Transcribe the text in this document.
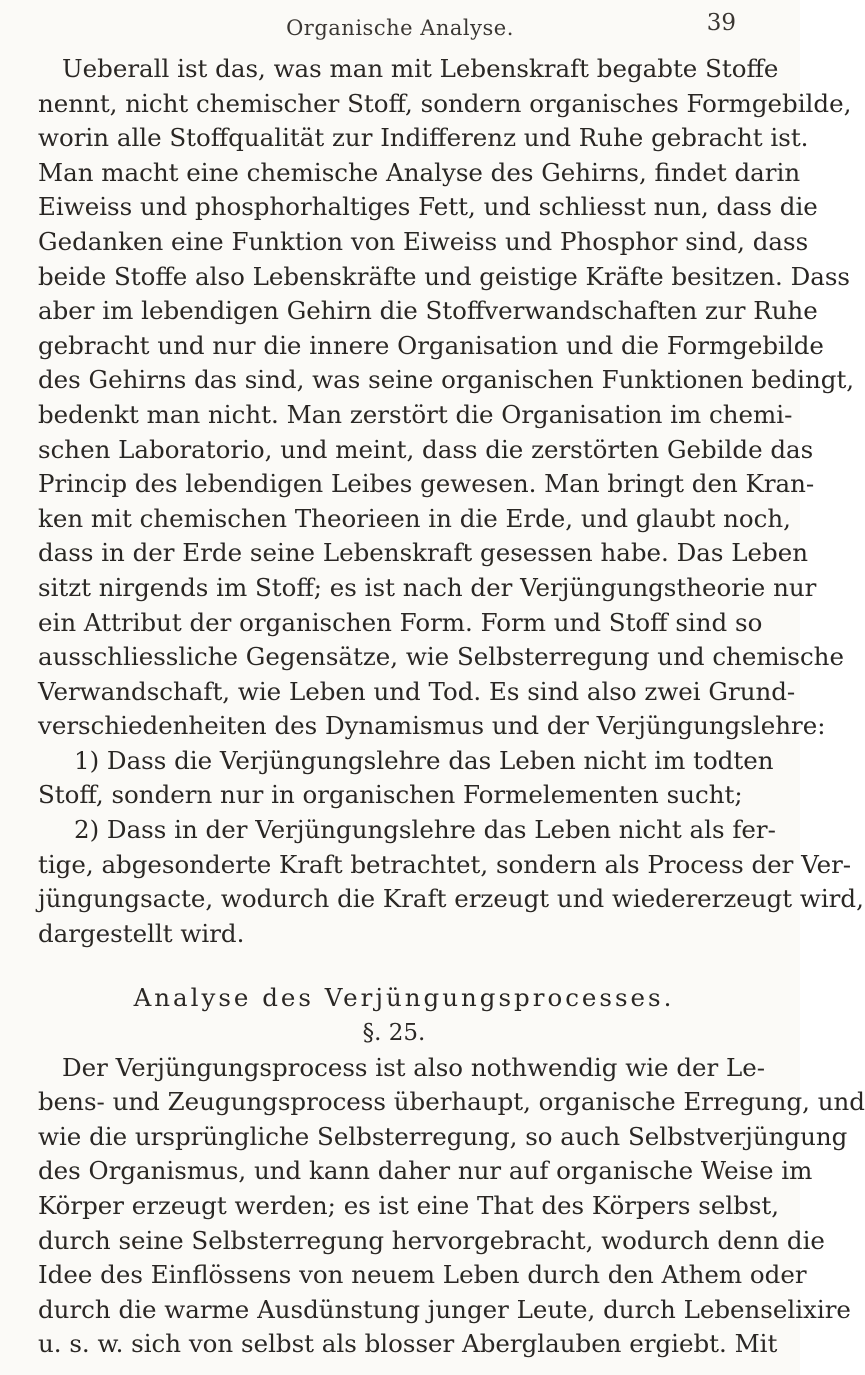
Organische Analyse.	39
Ueberall ist das, was man mit Lebenskraft begabte Stoffe
nennt, nicht chemischer Stoff, sondern organisches Formgebilde,
worin alle Stoffqualität zur Indifferenz und Ruhe gebracht ist.
Man macht eine chemische Analyse des Gehirns, findet darin
Eiweiss und phosphorhaltiges Fett, und schliesst nun, dass die
Gedanken eine Funktion von Eiweiss und Phosphor sind, dass
beide Stoffe also Lebenskräfte und geistige Kräfte besitzen. Dass
aber im lebendigen Gehirn die Stoffverwandschaften zur Ruhe
gebracht und nur die innere Organisation und die Formgebilde
des Gehirns das sind, was seine organischen Funktionen bedingt,
bedenkt man nicht. Man zerstört die Organisation im chemi-
schen Laboratorio, und meint, dass die zerstörten Gebilde das
Princip des lebendigen Leibes gewesen. Man bringt den Kran-
ken mit chemischen Theorieen in die Erde, und glaubt noch,
dass in der Erde seine Lebenskraft gesessen habe. Das Leben
sitzt nirgends im Stoff; es ist nach der Verjüngungstheorie nur
ein Attribut der organischen Form. Form und Stoff sind so
ausschliessliche Gegensätze, wie Selbsterregung und chemische
Verwandschaft, wie Leben und Tod. Es sind also zwei Grund-
verschiedenheiten des Dynamismus und der Verjüngungslehre:
1) Dass die Verjüngungslehre das Leben nicht im todten
Stoff, sondern nur in organischen Formelementen sucht;
2) Dass in der Verjüngungslehre das Leben nicht als fer-
tige, abgesonderte Kraft betrachtet, sondern als Process der Ver-
jüngungsacte, wodurch die Kraft erzeugt und wiedererzeugt wird,
dargestellt wird.
Analyse des Verjüngungsprocesses.
§. 25.
Der Verjüngungsprocess ist also nothwendig wie der Le-
bens- und Zeugungsprocess überhaupt, organische Erregung, und
wie die ursprüngliche Selbsterregung, so auch Selbstverjüngung
des Organismus, und kann daher nur auf organische Weise im
Körper erzeugt werden; es ist eine That des Körpers selbst,
durch seine Selbsterregung hervorgebracht, wodurch denn die
Idee des Einflössens von neuem Leben durch den Athem oder
durch die warme Ausdünstung junger Leute, durch Lebenselixire
u. s. w. sich von selbst als blosser Aberglauben ergiebt. Mit
